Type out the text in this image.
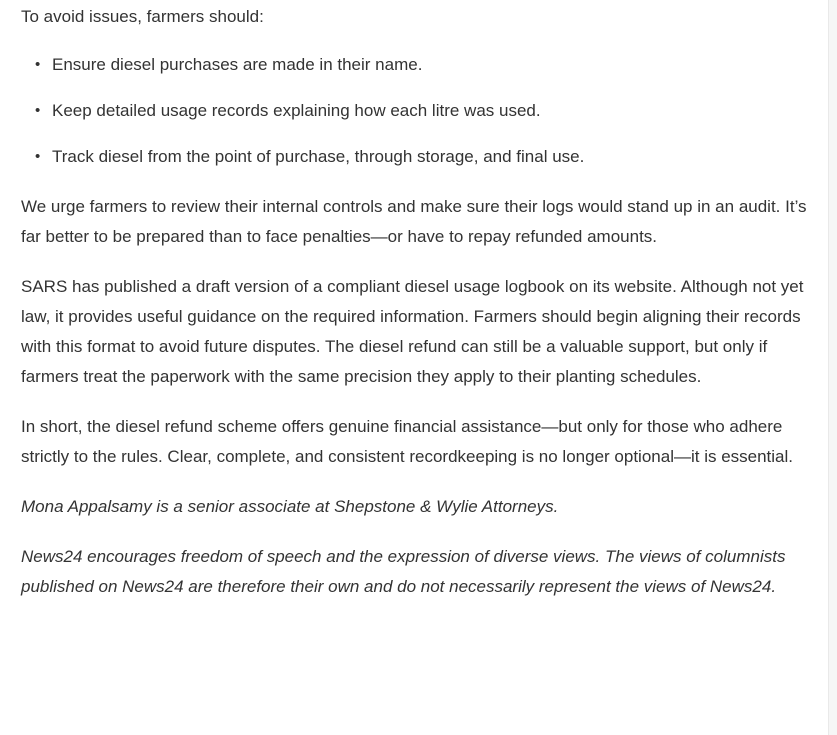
To avoid issues, farmers should:

• Ensure diesel purchases are made in their name.
• Keep detailed usage records explaining how each litre was used.
• Track diesel from the point of purchase, through storage, and final use.

We urge farmers to review their internal controls and make sure their logs would stand up in an audit. It’s far better to be prepared than to face penalties—or have to repay refunded amounts.

SARS has published a draft version of a compliant diesel usage logbook on its website. Although not yet law, it provides useful guidance on the required information. Farmers should begin aligning their records with this format to avoid future disputes. The diesel refund can still be a valuable support, but only if farmers treat the paperwork with the same precision they apply to their planting schedules.

In short, the diesel refund scheme offers genuine financial assistance—but only for those who adhere strictly to the rules. Clear, complete, and consistent recordkeeping is no longer optional—it is essential.

Mona Appalsamy is a senior associate at Shepstone & Wylie Attorneys.

News24 encourages freedom of speech and the expression of diverse views. The views of columnists published on News24 are therefore their own and do not necessarily represent the views of News24.
